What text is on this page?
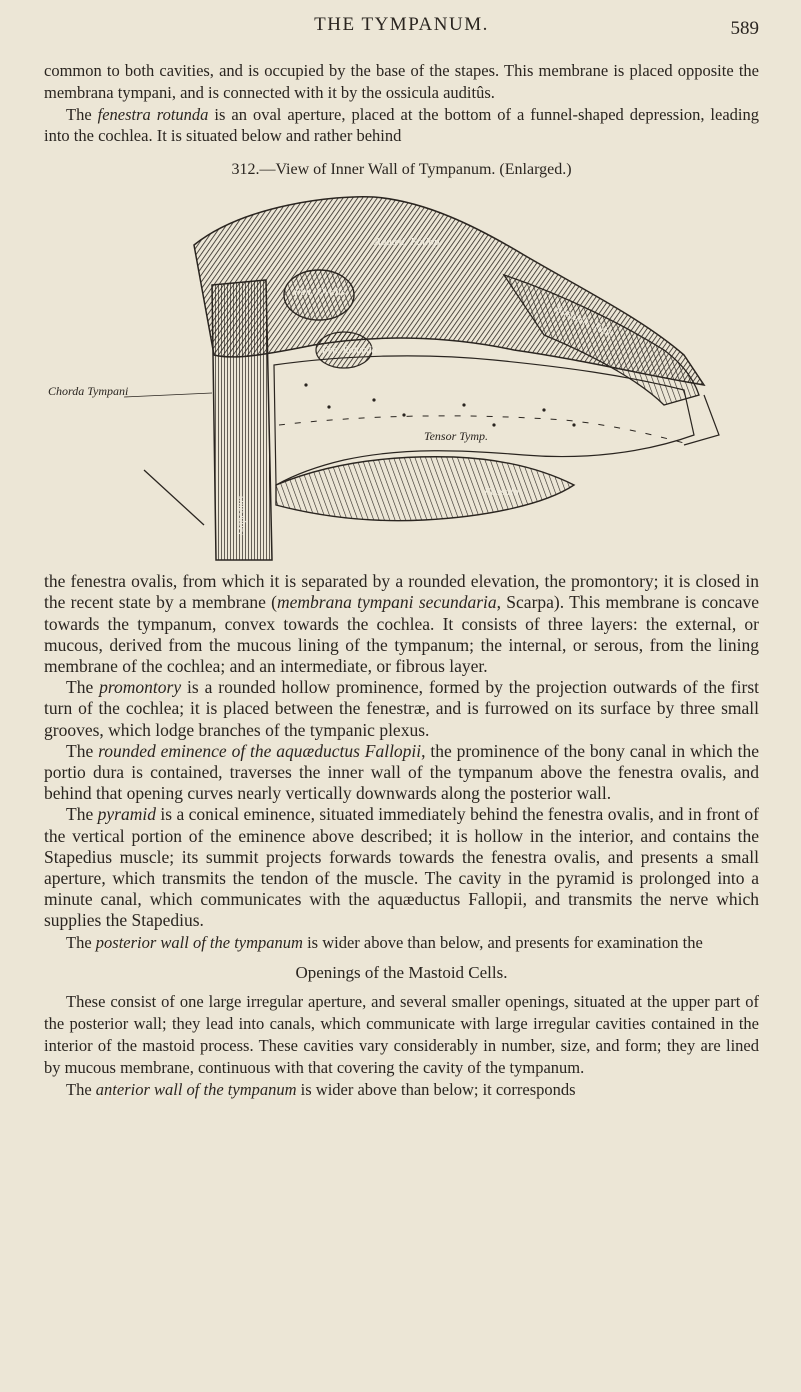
THE TYMPANUM.	589

common to both cavities, and is occupied by the base of the stapes. This membrane is placed opposite the membrana tympani, and is connected with it by the ossicula auditûs.

The fenestra rotunda is an oval aperture, placed at the bottom of a funnel-shaped depression, leading into the cochlea. It is situated below and rather behind

312.—View of Inner Wall of Tympanum. (Enlarged.)
Fen. Ovalis
Fen. Rotunda
Tensor Tymp.
Fossula
Stapedius
Aquæd. Fallop.
Eustach. Tube
Chorda Tympani

the fenestra ovalis, from which it is separated by a rounded elevation, the promontory; it is closed in the recent state by a membrane (membrana tympani secundaria, Scarpa). This membrane is concave towards the tympanum, convex towards the cochlea. It consists of three layers: the external, or mucous, derived from the mucous lining of the tympanum; the internal, or serous, from the lining membrane of the cochlea; and an intermediate, or fibrous layer.

The promontory is a rounded hollow prominence, formed by the projection outwards of the first turn of the cochlea; it is placed between the fenestræ, and is furrowed on its surface by three small grooves, which lodge branches of the tympanic plexus.

The rounded eminence of the aquæductus Fallopii, the prominence of the bony canal in which the portio dura is contained, traverses the inner wall of the tympanum above the fenestra ovalis, and behind that opening curves nearly vertically downwards along the posterior wall.

The pyramid is a conical eminence, situated immediately behind the fenestra ovalis, and in front of the vertical portion of the eminence above described; it is hollow in the interior, and contains the Stapedius muscle; its summit projects forwards towards the fenestra ovalis, and presents a small aperture, which transmits the tendon of the muscle. The cavity in the pyramid is prolonged into a minute canal, which communicates with the aquæductus Fallopii, and transmits the nerve which supplies the Stapedius.

The posterior wall of the tympanum is wider above than below, and presents for examination the

Openings of the Mastoid Cells.

These consist of one large irregular aperture, and several smaller openings, situated at the upper part of the posterior wall; they lead into canals, which communicate with large irregular cavities contained in the interior of the mastoid process. These cavities vary considerably in number, size, and form; they are lined by mucous membrane, continuous with that covering the cavity of the tympanum.

The anterior wall of the tympanum is wider above than below; it corresponds
